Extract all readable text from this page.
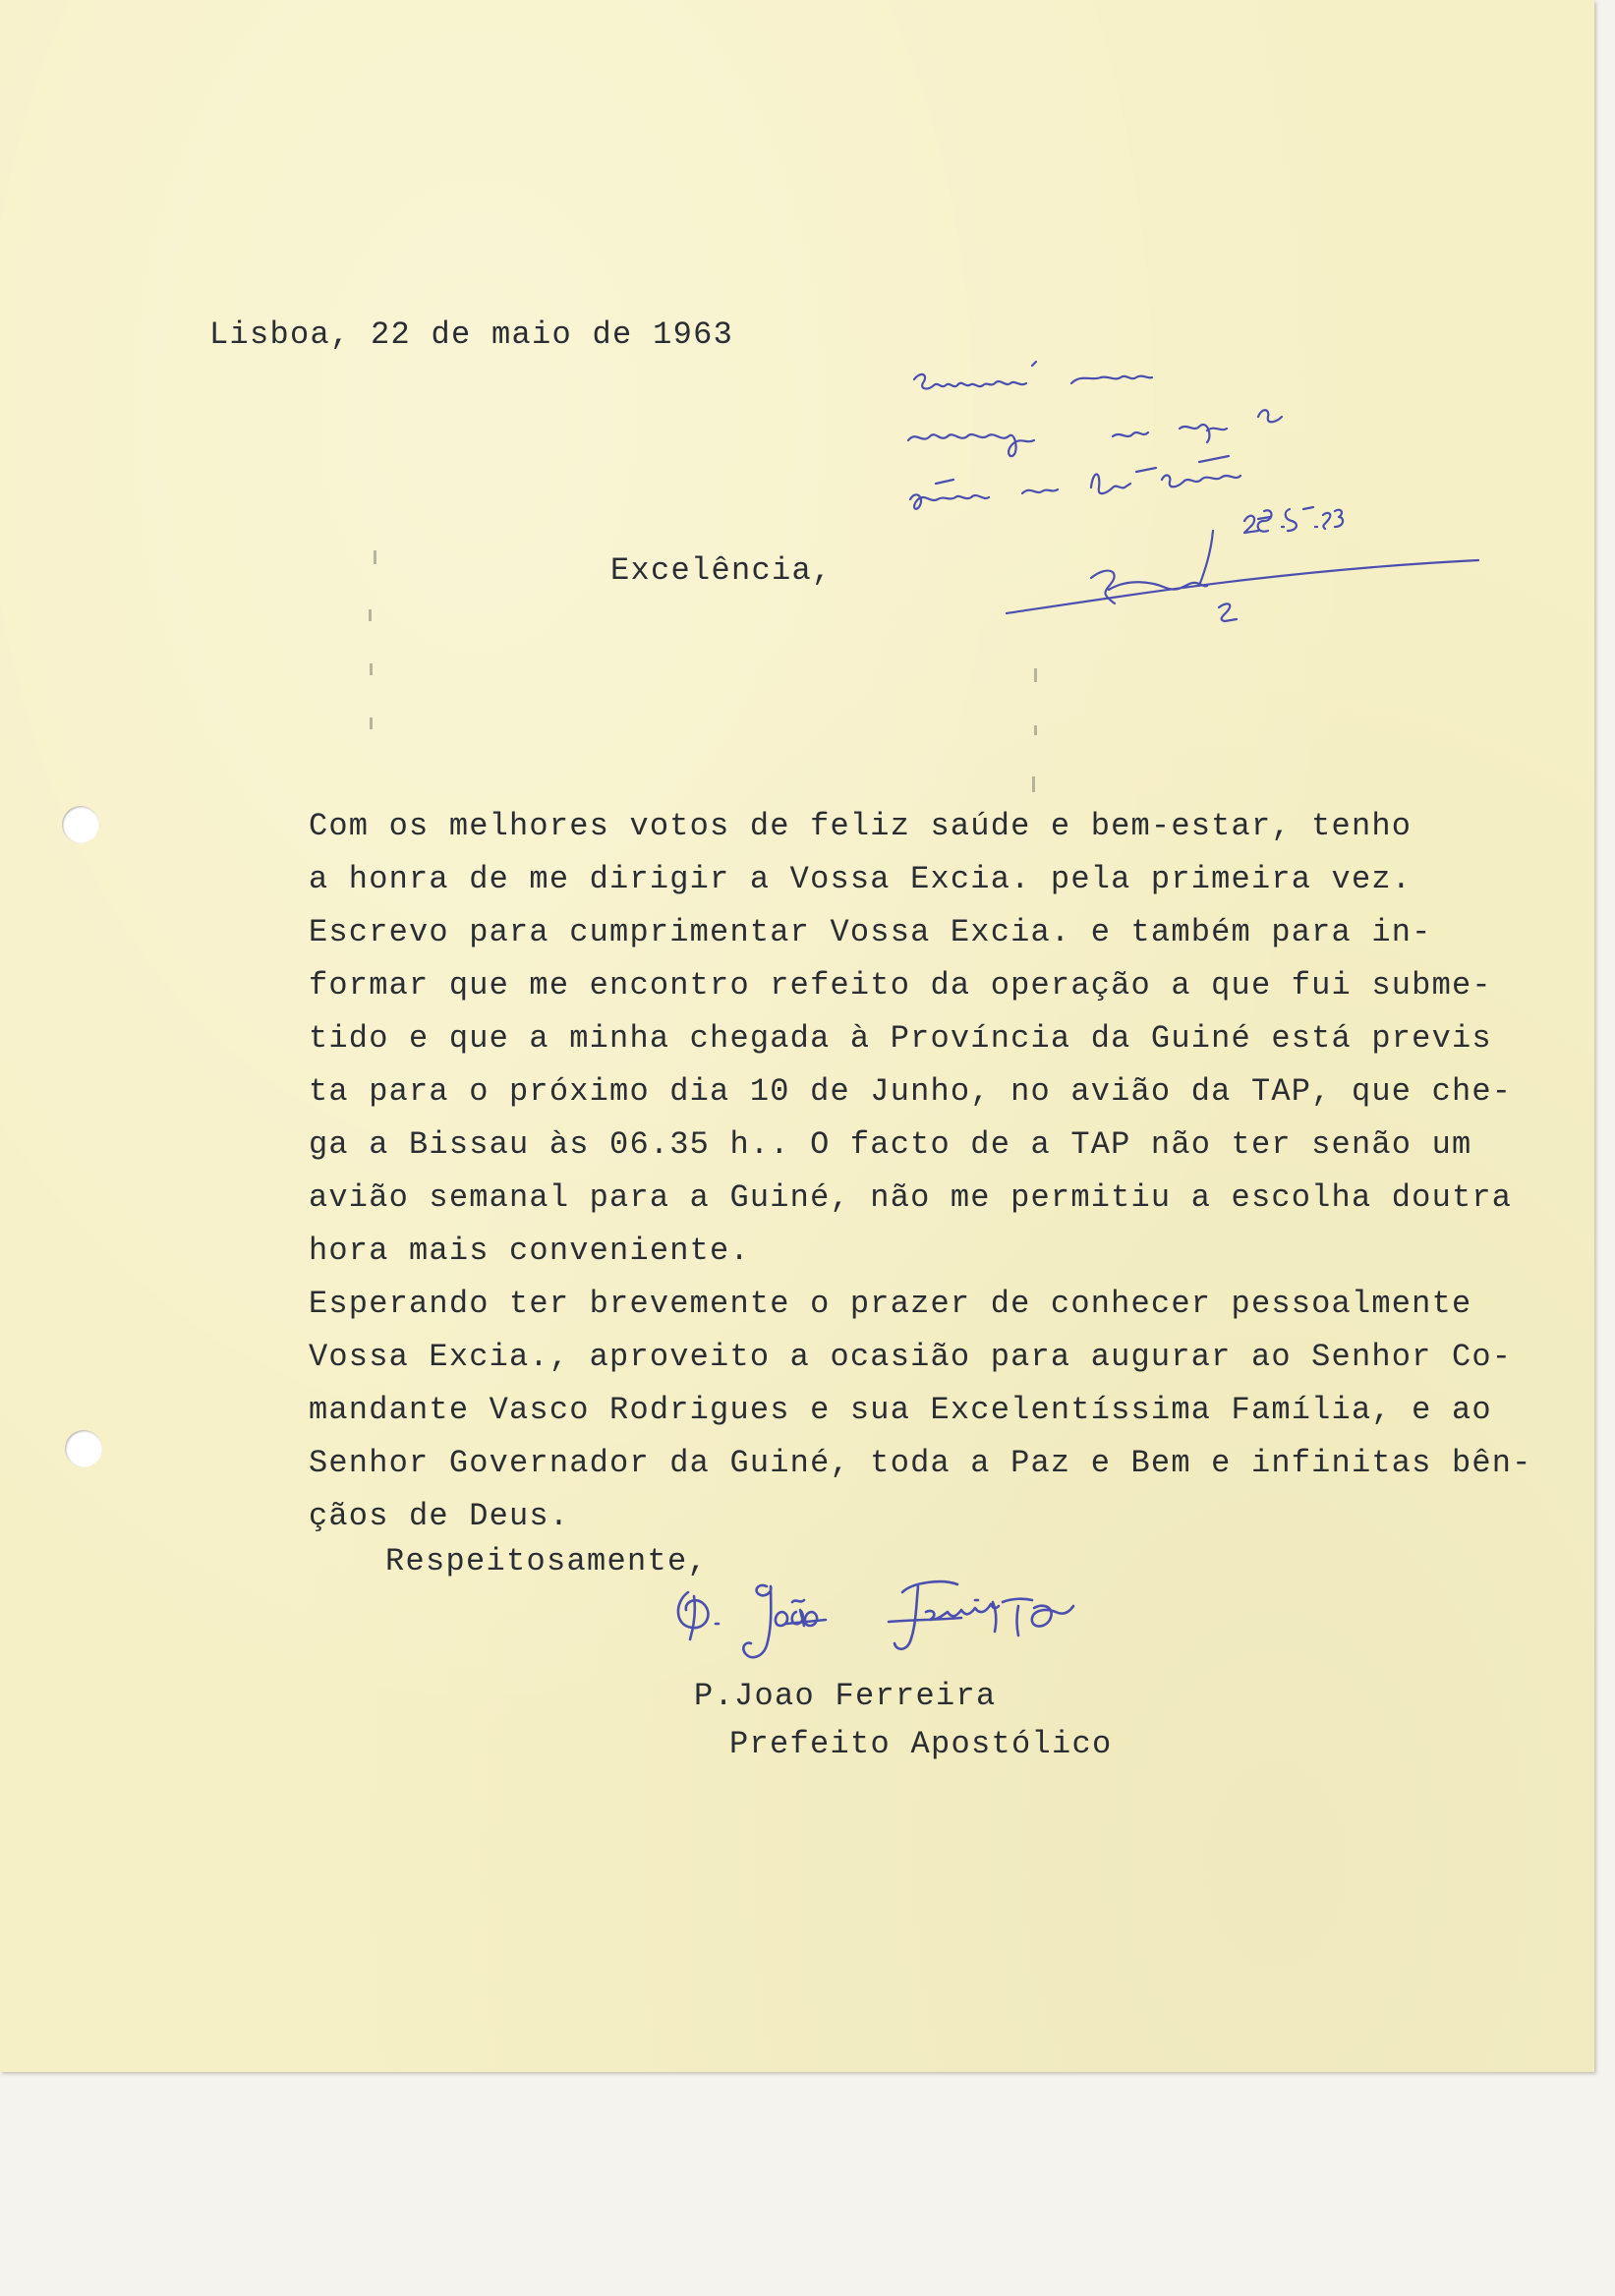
Lisboa, 22 de maio de 1963

Excelência,

Com os melhores votos de feliz saúde e bem-estar, tenho
a honra de me dirigir a Vossa Excia. pela primeira vez.
Escrevo para cumprimentar Vossa Excia. e também para in-
formar que me encontro refeito da operação a que fui subme-
tido e que a minha chegada à Província da Guiné está previs
ta para o próximo dia 10 de Junho, no avião da TAP, que che-
ga a Bissau às 06.35 h.. O facto de a TAP não ter senão um
avião semanal para a Guiné, não me permitiu a escolha doutra
hora mais conveniente.
Esperando ter brevemente o prazer de conhecer pessoalmente
Vossa Excia., aproveito a ocasião para augurar ao Senhor Co-
mandante Vasco Rodrigues e sua Excelentíssima Família, e ao
Senhor Governador da Guiné, toda a Paz e Bem e infinitas bên-
çãos de Deus.

Respeitosamente,

P.Joao Ferreira

Prefeito Apostólico
